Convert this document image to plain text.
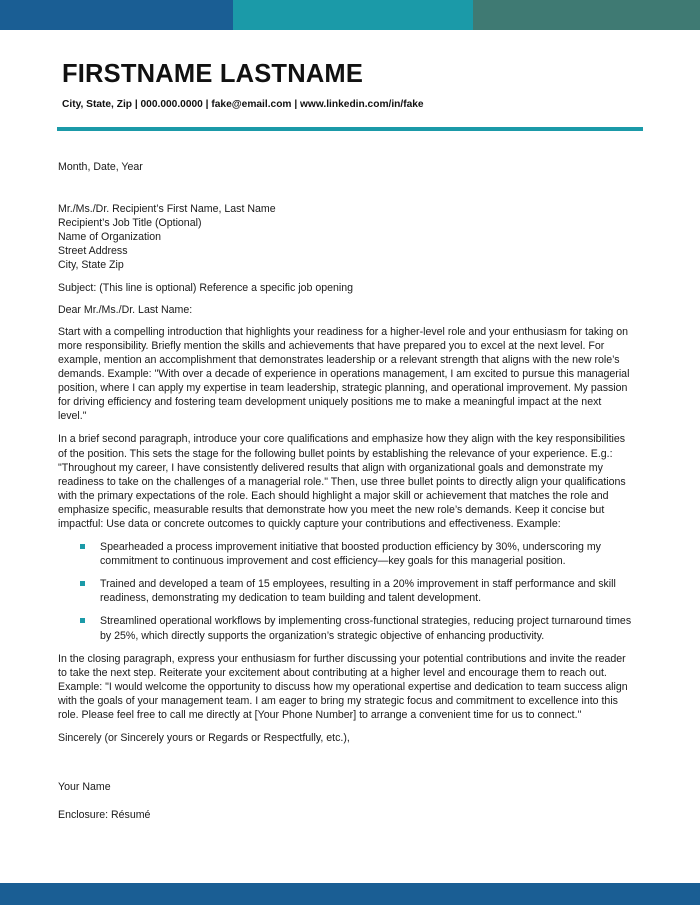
FIRSTNAME LASTNAME
City, State, Zip | 000.000.0000 | fake@email.com | www.linkedin.com/in/fake

Month, Date, Year

Mr./Ms./Dr. Recipient’s First Name, Last Name
Recipient’s Job Title (Optional)
Name of Organization
Street Address
City, State Zip

Subject: (This line is optional) Reference a specific job opening

Dear Mr./Ms./Dr. Last Name:

Start with a compelling introduction that highlights your readiness for a higher-level role and your enthusiasm for taking on more responsibility. Briefly mention the skills and achievements that have prepared you to excel at the next level. For example, mention an accomplishment that demonstrates leadership or a relevant strength that aligns with the new role’s demands. Example: "With over a decade of experience in operations management, I am excited to pursue this managerial position, where I can apply my expertise in team leadership, strategic planning, and operational improvement. My passion for driving efficiency and fostering team development uniquely positions me to make a meaningful impact at the next level."

In a brief second paragraph, introduce your core qualifications and emphasize how they align with the key responsibilities of the position. This sets the stage for the following bullet points by establishing the relevance of your experience. E.g.: "Throughout my career, I have consistently delivered results that align with organizational goals and demonstrate my readiness to take on the challenges of a managerial role." Then, use three bullet points to directly align your qualifications with the primary expectations of the role. Each should highlight a major skill or achievement that matches the role and emphasize specific, measurable results that demonstrate how you meet the new role’s demands. Keep it concise but impactful: Use data or concrete outcomes to quickly capture your contributions and effectiveness. Example:

Spearheaded a process improvement initiative that boosted production efficiency by 30%, underscoring my commitment to continuous improvement and cost efficiency—key goals for this managerial position.
Trained and developed a team of 15 employees, resulting in a 20% improvement in staff performance and skill readiness, demonstrating my dedication to team building and talent development.
Streamlined operational workflows by implementing cross-functional strategies, reducing project turnaround times by 25%, which directly supports the organization’s strategic objective of enhancing productivity.

In the closing paragraph, express your enthusiasm for further discussing your potential contributions and invite the reader to take the next step. Reiterate your excitement about contributing at a higher level and encourage them to reach out. Example: "I would welcome the opportunity to discuss how my operational expertise and dedication to team success align with the goals of your management team. I am eager to bring my strategic focus and commitment to excellence into this role. Please feel free to call me directly at [Your Phone Number] to arrange a convenient time for us to connect."

Sincerely (or Sincerely yours or Regards or Respectfully, etc.),

Your Name

Enclosure: Résumé
